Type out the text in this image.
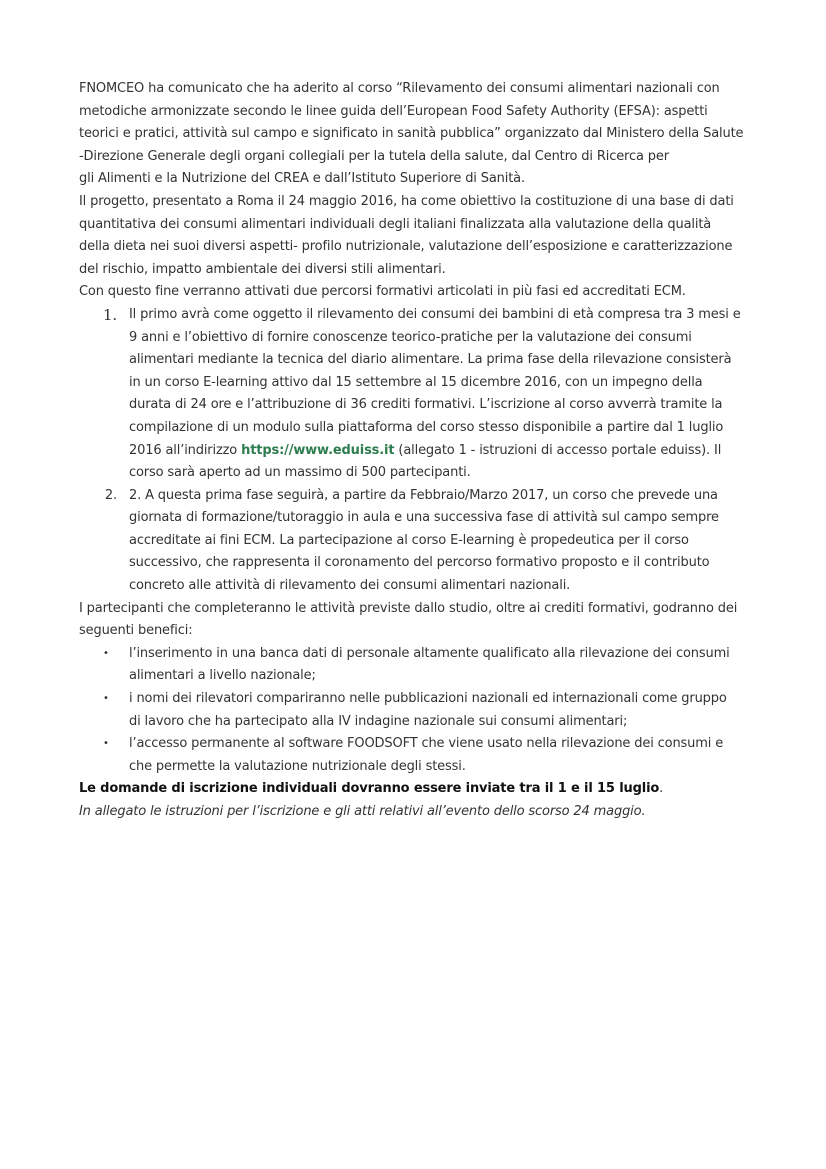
FNOMCEO ha comunicato che ha aderito al corso “Rilevamento dei consumi alimentari nazionali con

metodiche armonizzate secondo le linee guida dell’European Food Safety Authority (EFSA): aspetti

teorici e pratici, attività sul campo e significato in sanità pubblica” organizzato dal Ministero della Salute

-Direzione Generale degli organi collegiali per la tutela della salute, dal Centro di Ricerca per

gli Alimenti e la Nutrizione del CREA e dall’Istituto Superiore di Sanità.

Il progetto, presentato a Roma il 24 maggio 2016, ha come obiettivo la costituzione di una base di dati

quantitativa dei consumi alimentari individuali degli italiani finalizzata alla valutazione della qualità

della dieta nei suoi diversi aspetti- profilo nutrizionale, valutazione dell’esposizione e caratterizzazione

del rischio, impatto ambientale dei diversi stili alimentari.

Con questo fine verranno attivati due percorsi formativi articolati in più fasi ed accreditati ECM.

1. Il primo avrà come oggetto il rilevamento dei consumi dei bambini di età compresa tra 3 mesi e

9 anni e l’obiettivo di fornire conoscenze teorico-pratiche per la valutazione dei consumi

alimentari mediante la tecnica del diario alimentare. La prima fase della rilevazione consisterà

in un corso E-learning attivo dal 15 settembre al 15 dicembre 2016, con un impegno della

durata di 24 ore e l’attribuzione di 36 crediti formativi. L’iscrizione al corso avverrà tramite la

compilazione di un modulo sulla piattaforma del corso stesso disponibile a partire dal 1 luglio

2016 all’indirizzo https://www.eduiss.it (allegato 1 - istruzioni di accesso portale eduiss). Il

corso sarà aperto ad un massimo di 500 partecipanti.

2. 2. A questa prima fase seguirà, a partire da Febbraio/Marzo 2017, un corso che prevede una

giornata di formazione/tutoraggio in aula e una successiva fase di attività sul campo sempre

accreditate ai fini ECM. La partecipazione al corso E-learning è propedeutica per il corso

successivo, che rappresenta il coronamento del percorso formativo proposto e il contributo

concreto alle attività di rilevamento dei consumi alimentari nazionali.

I partecipanti che completeranno le attività previste dallo studio, oltre ai crediti formativi, godranno dei

seguenti benefici:

• l’inserimento in una banca dati di personale altamente qualificato alla rilevazione dei consumi

alimentari a livello nazionale;

• i nomi dei rilevatori compariranno nelle pubblicazioni nazionali ed internazionali come gruppo

di lavoro che ha partecipato alla IV indagine nazionale sui consumi alimentari;

• l’accesso permanente al software FOODSOFT che viene usato nella rilevazione dei consumi e

che permette la valutazione nutrizionale degli stessi.

Le domande di iscrizione individuali dovranno essere inviate tra il 1 e il 15 luglio.

In allegato le istruzioni per l’iscrizione e gli atti relativi all’evento dello scorso 24 maggio.
